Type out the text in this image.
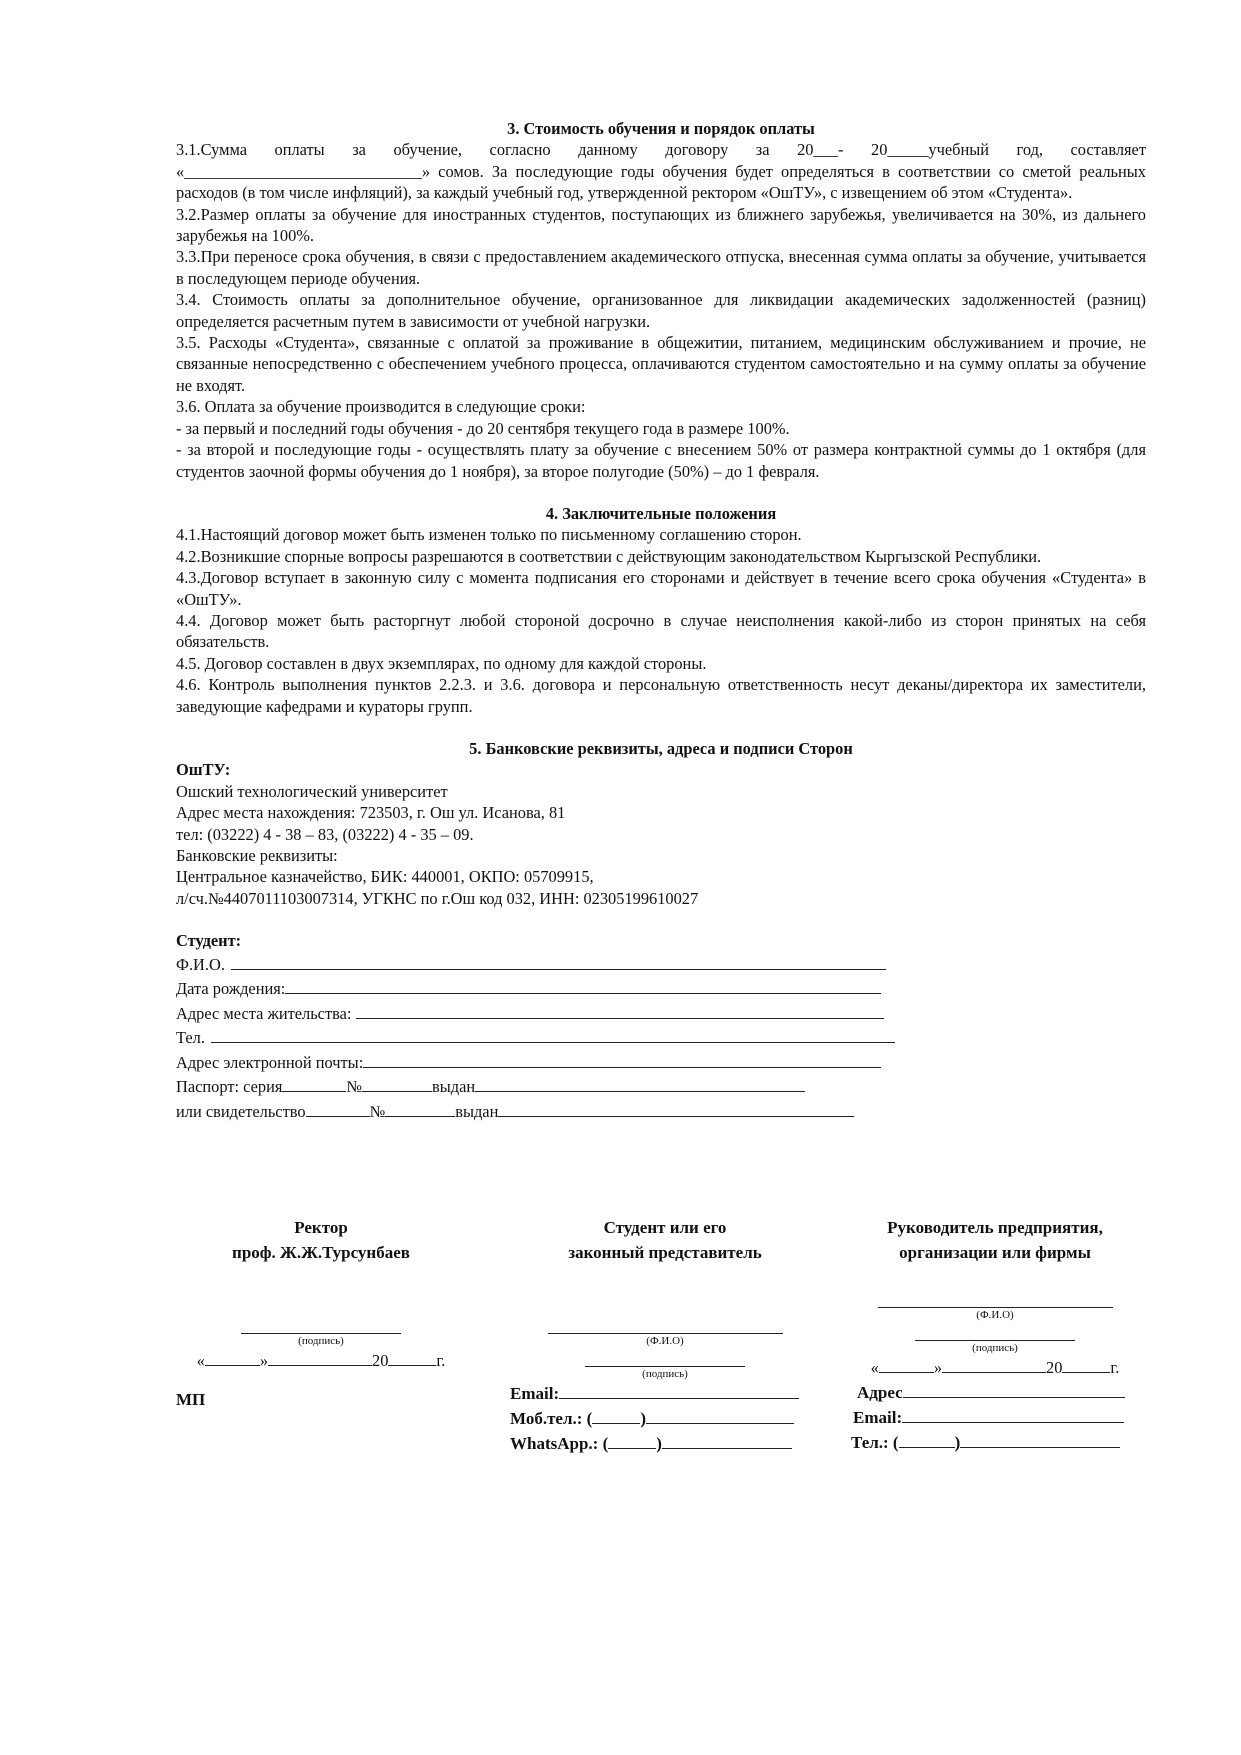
3. Стоимость обучения и порядок оплаты

3.1.Сумма оплаты за обучение, согласно данному договору за 20___- 20_____учебный год, составляет «_____________________________» сомов. За последующие годы обучения будет определяться в соответствии со сметой реальных расходов (в том числе инфляций), за каждый учебный год, утвержденной ректором «ОшТУ», с извещением об этом «Студента».

3.2.Размер оплаты за обучение для иностранных студентов, поступающих из ближнего зарубежья, увеличивается на 30%, из дальнего зарубежья на 100%.

3.3.При переносе срока обучения, в связи с предоставлением академического отпуска, внесенная сумма оплаты за обучение, учитывается в последующем периоде обучения.

3.4. Стоимость оплаты за дополнительное обучение, организованное для ликвидации академических задолженностей (разниц) определяется расчетным путем в зависимости от учебной нагрузки.

3.5. Расходы «Студента», связанные с оплатой за проживание в общежитии, питанием, медицинским обслуживанием и прочие, не связанные непосредственно с обеспечением учебного процесса, оплачиваются студентом самостоятельно и на сумму оплаты за обучение не входят.

3.6. Оплата за обучение производится в следующие сроки:

- за первый и последний годы обучения - до 20 сентября текущего года в размере 100%.

- за второй и последующие годы - осуществлять плату за обучение с внесением 50% от размера контрактной суммы до 1 октября (для студентов заочной формы обучения до 1 ноября), за второе полугодие (50%) – до 1 февраля.

4. Заключительные положения

4.1.Настоящий договор может быть изменен только по письменному соглашению сторон.

4.2.Возникшие спорные вопросы разрешаются в соответствии с действующим законодательством Кыргызской Республики.

4.3.Договор вступает в законную силу с момента подписания его сторонами и действует в течение всего срока обучения «Студента» в «ОшТУ».

4.4. Договор может быть расторгнут любой стороной досрочно в случае неисполнения какой-либо из сторон принятых на себя обязательств.

4.5. Договор составлен в двух экземплярах, по одному для каждой стороны.

4.6. Контроль выполнения пунктов 2.2.3. и 3.6. договора и персональную ответственность несут деканы/директора их заместители, заведующие кафедрами и кураторы групп.

5. Банковские реквизиты, адреса и подписи Сторон

ОшТУ:

Ошский технологический университет

Адрес места нахождения: 723503, г. Ош ул. Исанова, 81

тел: (03222) 4 - 38 – 83, (03222) 4 - 35 – 09.

Банковские реквизиты:

Центральное казначейство, БИК: 440001, ОКПО: 05709915,

л/сч.№4407011103007314, УГКНС по г.Ош код 032, ИНН: 02305199610027

Студент:

Ф.И.О.
Дата рождения:
Адрес места жительства:
Тел.
Адрес электронной почты:
Паспорт: серия	№	выдан
или свидетельство	№	выдан
Ректор
проф. Ж.Ж.Турсунбаев
(подпись)
«	»	20	г.
МП
Студент или его
законный представитель
(Ф.И.О)
(подпись)
Email:
Моб.тел.: (	)
WhatsApp.: (	)
Руководитель предприятия,
организации или фирмы
(Ф.И.О)
(подпись)
«	»	20	г.
Адрес
Email:
Тел.: (	)
